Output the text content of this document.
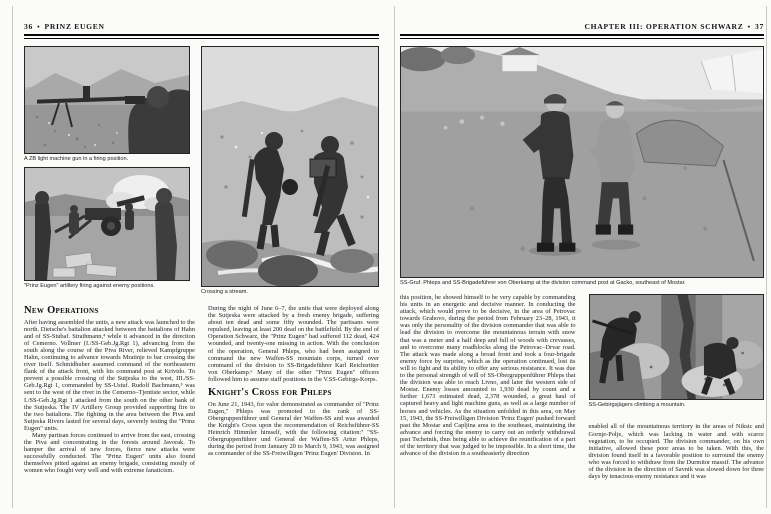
36 ● PRINZ EUGEN
A ZB light machine gun in a firing position.
"Prinz Eugen" artillery firing against enemy positions.
Crossing a stream.
New Operations

After having assembled the units, a new attack was launched to the north. Dietsche's battalion attacked between the battalions of Hahn and of SS-Stubaf. Strathmann,⁴ while it advanced in the direction of Cemerno. Vollmer (I./SS-Geb.Jg.Rgt 1), advancing from the south along the course of the Piva River, relieved Kampfgruppe Hahn, continuing to advance towards Mratinje to bar crossing the river itself. Schmidhuber assumed command of the northeastern flank of the attack front, with his command post at Krivido. To prevent a possible crossing of the Sutjeska to the west, III./SS-Geb.Jg.Rgt 1, commanded by SS-Ustuf. Rudolf Bachmann,⁵ was sent to the west of the river in the Cemerno–Tjentiste sector, while I./SS-Geb.Jg.Rgt 1 attacked from the south on the other bank of the Sutjeska. The IV Artillery Group provided supporting fire to the two battalions. The fighting in the area between the Piva and Sutjeska Rivers lasted for several days, severely testing the "Prinz Eugen" units.

Many partisan forces continued to arrive from the east, crossing the Piva and concentrating in the forests around Javorak. To hamper the arrival of new forces, fierce new attacks were successfully conducted. The "Prinz Eugen" units also found themselves pitted against an enemy brigade, consisting mostly of women who fought very well and with extreme fanaticism.

During the night of June 6–7, the units that were deployed along the Sutjeska were attacked by a fresh enemy brigade, suffering about ten dead and some fifty wounded. The partisans were repulsed, leaving at least 200 dead on the battlefield. By the end of Operation Schwarz, the "Prinz Eugen" had suffered 112 dead, 424 wounded, and twenty-one missing in action. With the conclusion of the operation, General Phleps, who had been assigned to command the new Waffen-SS mountain corps, turned over command of the division to SS-Brigadeführer Karl Reichsritter von Oberkamp.⁶ Many of the other "Prinz Eugen" officers followed him to assume staff positions in the V.SS-Gebirgs-Korps.

Knight's Cross for Phleps

On June 21, 1943, for valor demonstrated as commander of "Prinz Eugen," Phleps was promoted to the rank of SS-Obergruppenführer und General der Waffen-SS and was awarded the Knight's Cross upon the recommendation of Reichsführer-SS Heinrich Himmler himself, with the following citation:⁷ "SS-Obergruppenführer und General der Waffen-SS Artur Phleps, during the period from January 20 to March 9, 1943, was assigned as commander of the SS-Freiwilligen 'Prinz Eugen' Division. In

CHAPTER III: OPERATION SCHWARZ ● 37
SS-Gruf. Phleps and SS-Brigadeführer von Oberkamp at the division command post at Gacko, southeast of Mostar.

this position, he showed himself to be very capable by commanding his units in an energetic and decisive manner. In conducting the attack, which would prove to be decisive, in the area of Petrovac towards Grahovo, during the period from February 23–28, 1943, it was only the personality of the division commander that was able to lead the division to overcome the mountainous terrain with snow that was a meter and a half deep and full of woods with crevasses, and to overcome many roadblocks along the Petrovac–Drvar road. The attack was made along a broad front and took a four-brigade enemy force by surprise, which as the operation continued, lost its will to fight and its ability to offer any serious resistance. It was due to the personal strength of will of SS-Obergruppenführer Phleps that the division was able to reach Livno, and later the western side of Mostar. Enemy losses amounted to 1,930 dead by count and a further 1,673 estimated dead, 2,378 wounded, a great haul of captured heavy and light machine guns, as well as a large number of horses and vehicles. As the situation unfolded in this area, on May 15, 1943, the SS-Freiwilligen Division 'Prinz Eugen' pushed forward past the Mostar and Capljina area to the southeast, maintaining the advance and forcing the enemy to carry out an orderly withdrawal past Tschetnik, thus being able to achieve the reunification of a part of the territory that was judged to be impossible. In a short time, the advance of the division in a southeasterly direction

SS-Gebirgsjägers climbing a mountain.

enabled all of the mountainous territory in the areas of Niksic and Gornje-Polje, which was lacking in water and with scarce vegetation, to be occupied. The division commander, on his own initiative, allowed these poor areas to be taken. With this, the division found itself in a favorable position to surround the enemy who was forced to withdraw from the Durmitor massif. The advance of the division in the direction of Savnik was slowed down for three days by tenacious enemy resistance and it was
